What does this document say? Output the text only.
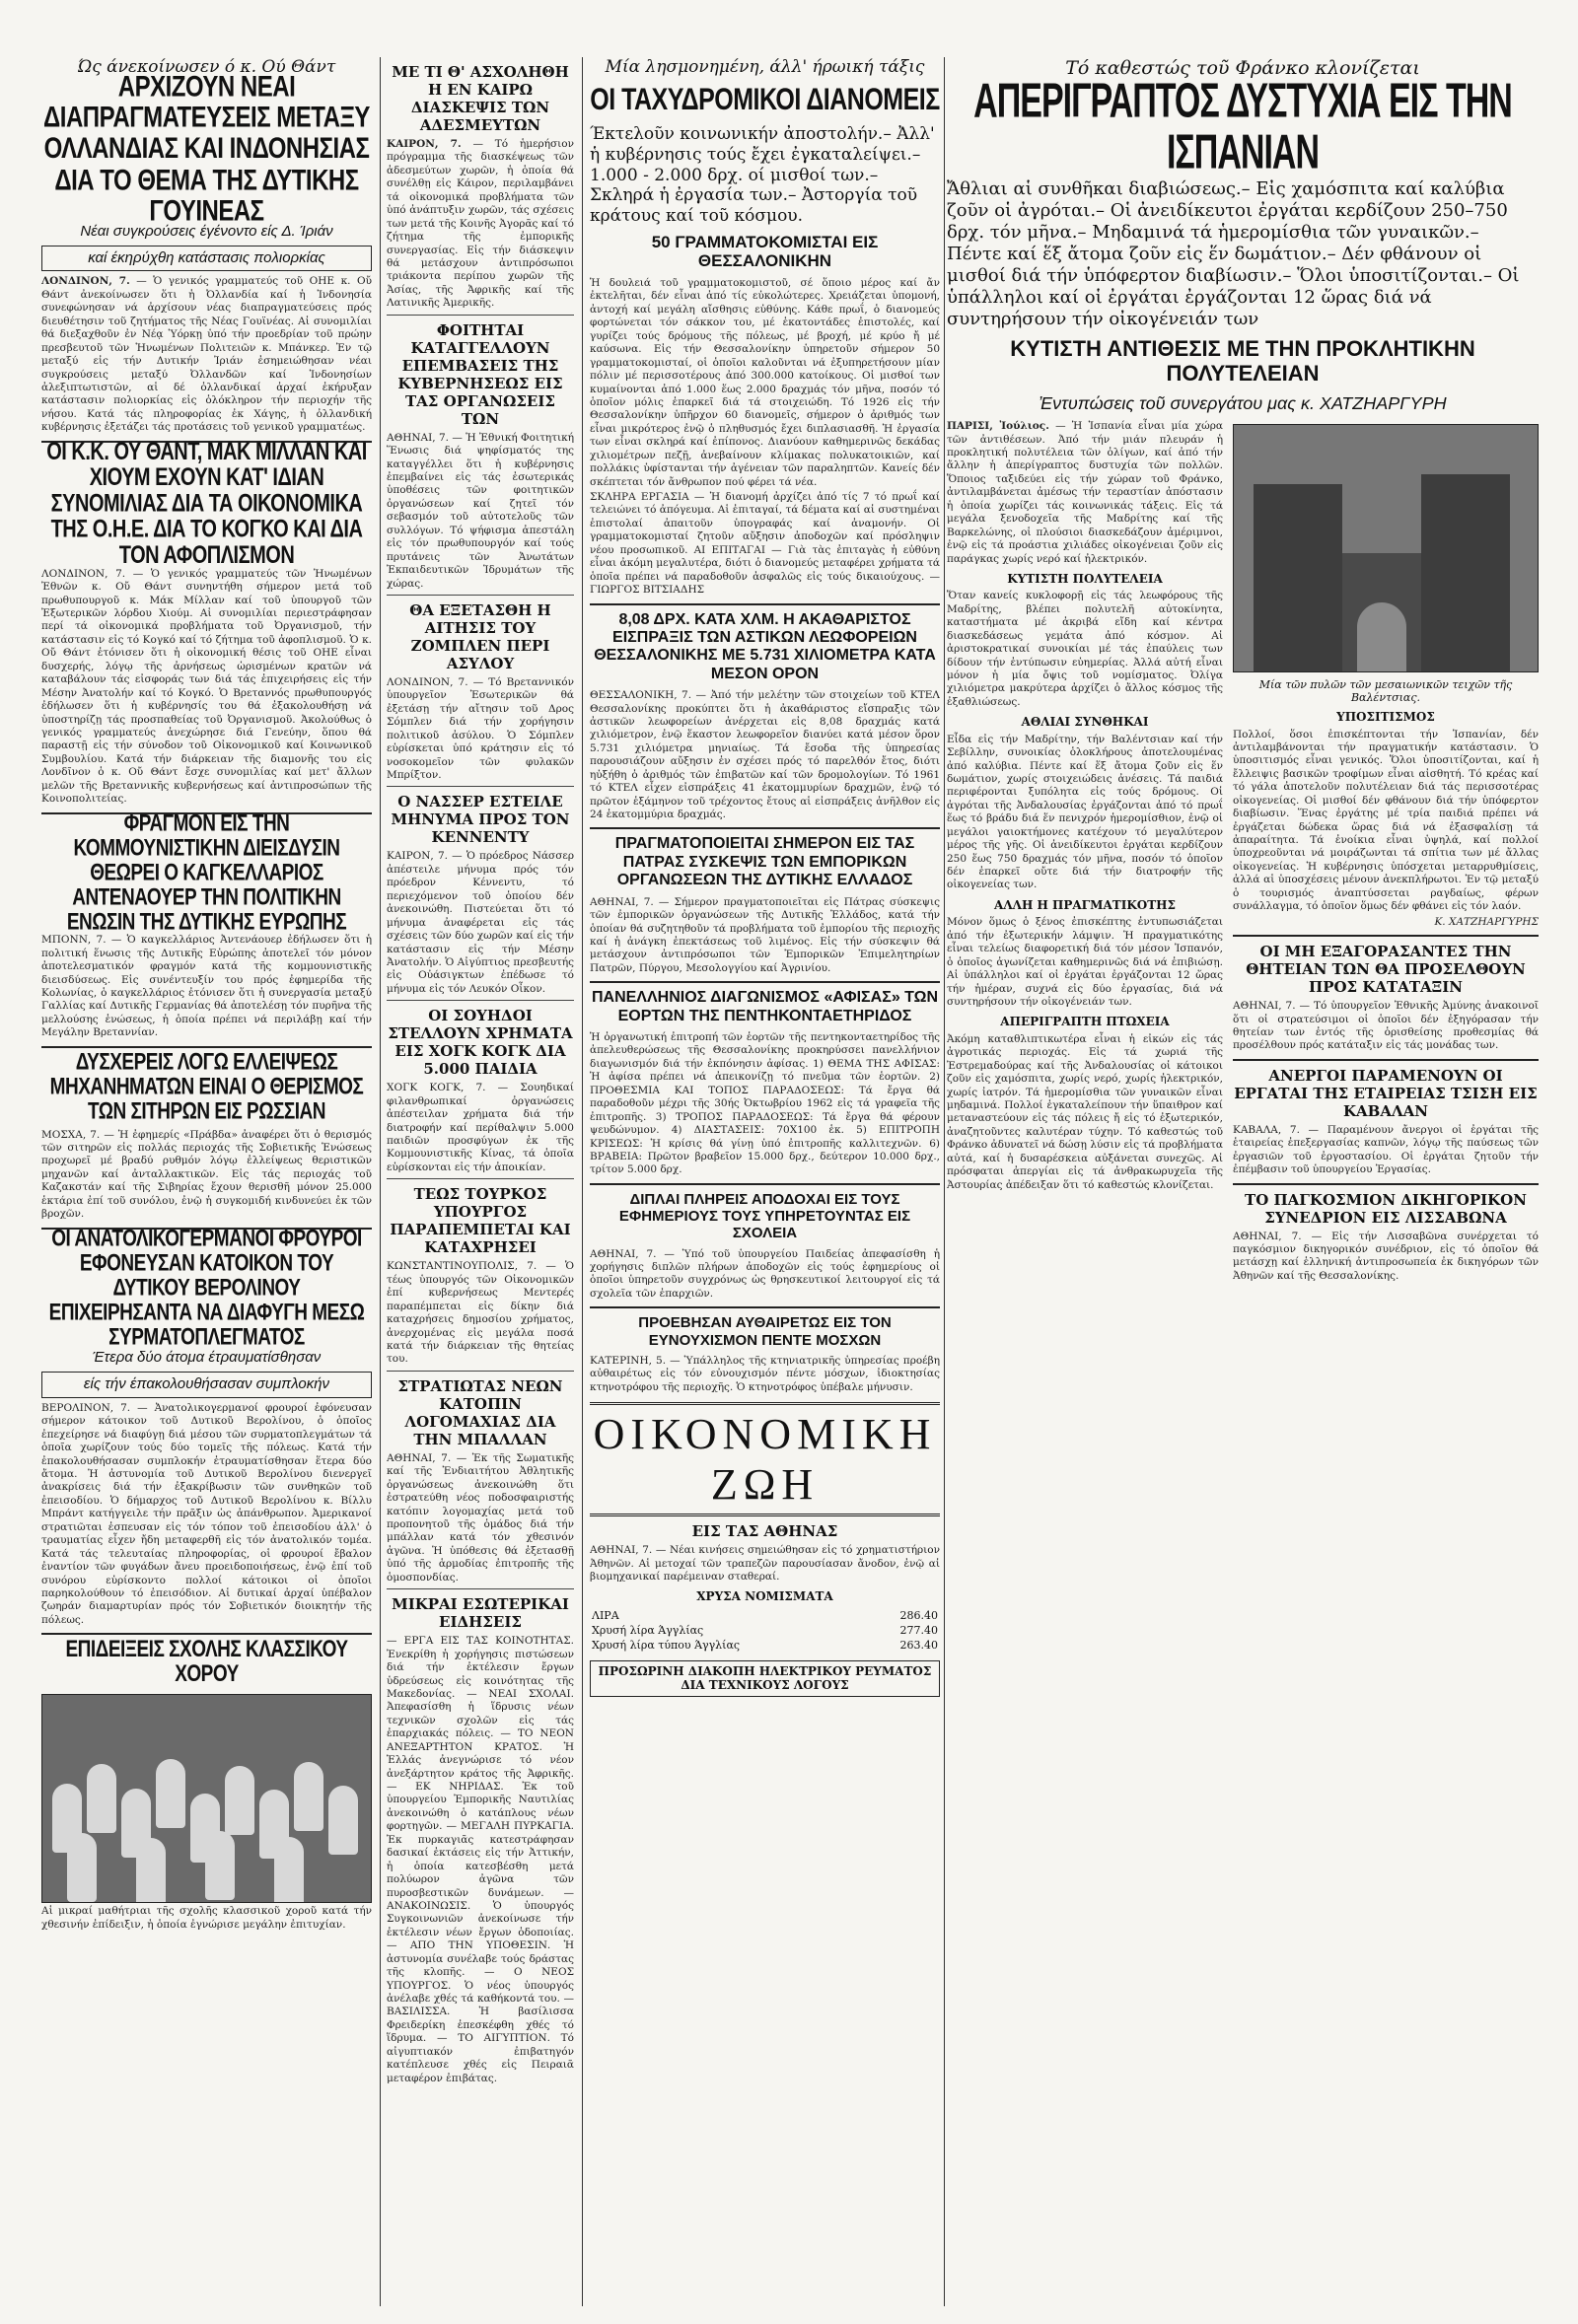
Ώς άνεκοίνωσεν ό κ. Ού Θάντ
ΑΡΧΙΖΟΥΝ ΝΕΑΙ ΔΙΑΠΡΑΓΜΑΤΕΥΣΕΙΣ ΜΕΤΑΞΥ ΟΛΛΑΝΔΙΑΣ ΚΑΙ ΙΝΔΟΝΗΣΙΑΣ ΔΙΑ ΤΟ ΘΕΜΑ ΤΗΣ ΔΥΤΙΚΗΣ ΓΟΥΙΝΕΑΣ
Νέαι συγκρούσεις έγένοντο είς Δ. Ίριάν
καί έκηρύχθη κατάστασις πολιορκίας
ΛΟΝΔΙΝΟΝ, 7. — Ὁ γενικός γραμματεύς τοῦ ΟΗΕ κ. Οὔ Θάντ ἀνεκοίνωσεν ὅτι ἡ Ὀλλανδία καί ἡ Ἰνδονησία συνεφώνησαν νά ἀρχίσουν νέας διαπραγματεύσεις πρός διευθέτησιν τοῦ ζητήματος τῆς Νέας Γουϊνέας. Αἱ συνομιλίαι θά διεξαχθοῦν ἐν Νέᾳ Ὑόρκῃ ὑπό τήν προεδρίαν τοῦ πρώην πρεσβευτοῦ τῶν Ἡνωμένων Πολιτειῶν κ. Μπάνκερ. Ἐν τῷ μεταξύ εἰς τήν Δυτικήν Ἰριάν ἐσημειώθησαν νέαι συγκρούσεις μεταξύ Ὀλλανδῶν καί Ἰνδονησίων ἀλεξιπτωτιστῶν, αἱ δέ ὀλλανδικαί ἀρχαί ἐκήρυξαν κατάστασιν πολιορκίας εἰς ὁλόκληρον τήν περιοχήν τῆς νήσου. Κατά τάς πληροφορίας ἐκ Χάγης, ἡ ὀλλανδική κυβέρνησις ἐξετάζει τάς προτάσεις τοῦ γενικοῦ γραμματέως.
ΟΙ Κ.Κ. ΟΥ ΘΑΝΤ, ΜΑΚ ΜΙΛΛΑΝ ΚΑΙ ΧΙΟΥΜ ΕΧΟΥΝ ΚΑΤ' ΙΔΙΑΝ ΣΥΝΟΜΙΛΙΑΣ ΔΙΑ ΤΑ ΟΙΚΟΝΟΜΙΚΑ ΤΗΣ Ο.Η.Ε. ΔΙΑ ΤΟ ΚΟΓΚΟ ΚΑΙ ΔΙΑ ΤΟΝ ΑΦΟΠΛΙΣΜΟΝ
ΛΟΝΔΙΝΟΝ, 7. — Ὁ γενικός γραμματεύς τῶν Ἡνωμένων Ἐθνῶν κ. Οὔ Θάντ συνηντήθη σήμερον μετά τοῦ πρωθυπουργοῦ κ. Μάκ Μίλλαν καί τοῦ ὑπουργοῦ τῶν Ἐξωτερικῶν λόρδου Χιούμ. Αἱ συνομιλίαι περιεστράφησαν περί τά οἰκονομικά προβλήματα τοῦ Ὀργανισμοῦ, τήν κατάστασιν εἰς τό Κογκό καί τό ζήτημα τοῦ ἀφοπλισμοῦ. Ὁ κ. Οὔ Θάντ ἐτόνισεν ὅτι ἡ οἰκονομική θέσις τοῦ ΟΗΕ εἶναι δυσχερής, λόγῳ τῆς ἀρνήσεως ὡρισμένων κρατῶν νά καταβάλουν τάς εἰσφοράς των διά τάς ἐπιχειρήσεις εἰς τήν Μέσην Ἀνατολήν καί τό Κογκό. Ὁ Βρεταννός πρωθυπουργός ἐδήλωσεν ὅτι ἡ κυβέρνησίς του θά ἐξακολουθήσῃ νά ὑποστηρίζῃ τάς προσπαθείας τοῦ Ὀργανισμοῦ. Ἀκολούθως ὁ γενικός γραμματεύς ἀνεχώρησε διά Γενεύην, ὅπου θά παραστῇ εἰς τήν σύνοδον τοῦ Οἰκονομικοῦ καί Κοινωνικοῦ Συμβουλίου. Κατά τήν διάρκειαν τῆς διαμονῆς του εἰς Λονδῖνον ὁ κ. Οὔ Θάντ ἔσχε συνομιλίας καί μετ' ἄλλων μελῶν τῆς Βρεταννικῆς κυβερνήσεως καί ἀντιπροσώπων τῆς Κοινοπολιτείας.
ΦΡΑΓΜΟΝ ΕΙΣ ΤΗΝ ΚΟΜΜΟΥΝΙΣΤΙΚΗΝ ΔΙΕΙΣΔΥΣΙΝ ΘΕΩΡΕΙ Ο ΚΑΓΚΕΛΛΑΡΙΟΣ ΑΝΤΕΝΑΟΥΕΡ ΤΗΝ ΠΟΛΙΤΙΚΗΝ ΕΝΩΣΙΝ ΤΗΣ ΔΥΤΙΚΗΣ ΕΥΡΩΠΗΣ
ΜΠΟΝΝ, 7. — Ὁ καγκελλάριος Ἀντενάουερ ἐδήλωσεν ὅτι ἡ πολιτική ἕνωσις τῆς Δυτικῆς Εὐρώπης ἀποτελεῖ τόν μόνον ἀποτελεσματικόν φραγμόν κατά τῆς κομμουνιστικῆς διεισδύσεως. Εἰς συνέντευξίν του πρός ἐφημερίδα τῆς Κολωνίας, ὁ καγκελλάριος ἐτόνισεν ὅτι ἡ συνεργασία μεταξύ Γαλλίας καί Δυτικῆς Γερμανίας θά ἀποτελέσῃ τόν πυρῆνα τῆς μελλούσης ἑνώσεως, ἡ ὁποία πρέπει νά περιλάβῃ καί τήν Μεγάλην Βρεταννίαν.
ΔΥΣΧΕΡΕΙΣ ΛΟΓΩ ΕΛΛΕΙΨΕΩΣ ΜΗΧΑΝΗΜΑΤΩΝ ΕΙΝΑΙ Ο ΘΕΡΙΣΜΟΣ ΤΩΝ ΣΙΤΗΡΩΝ ΕΙΣ ΡΩΣΣΙΑΝ
ΜΟΣΧΑ, 7. — Ἡ ἐφημερίς «Πράβδα» ἀναφέρει ὅτι ὁ θερισμός τῶν σιτηρῶν εἰς πολλάς περιοχάς τῆς Σοβιετικῆς Ἑνώσεως προχωρεῖ μέ βραδύ ρυθμόν λόγῳ ἐλλείψεως θεριστικῶν μηχανῶν καί ἀνταλλακτικῶν. Εἰς τάς περιοχάς τοῦ Καζακστάν καί τῆς Σιβηρίας ἔχουν θερισθῆ μόνον 25.000 ἑκτάρια ἐπί τοῦ συνόλου, ἐνῷ ἡ συγκομιδή κινδυνεύει ἐκ τῶν βροχῶν.
ΟΙ ΑΝΑΤΟΛΙΚΟΓΕΡΜΑΝΟΙ ΦΡΟΥΡΟΙ ΕΦΟΝΕΥΣΑΝ ΚΑΤΟΙΚΟΝ ΤΟΥ ΔΥΤΙΚΟΥ ΒΕΡΟΛΙΝΟΥ ΕΠΙΧΕΙΡΗΣΑΝΤΑ ΝΑ ΔΙΑΦΥΓΗ ΜΕΣΩ ΣΥΡΜΑΤΟΠΛΕΓΜΑΤΟΣ
Έτερα δύο άτομα έτραυματίσθησαν
είς τήν έπακολουθήσασαν συμπλοκήν
ΒΕΡΟΛΙΝΟΝ, 7. — Ἀνατολικογερμανοί φρουροί ἐφόνευσαν σήμερον κάτοικον τοῦ Δυτικοῦ Βερολίνου, ὁ ὁποῖος ἐπεχείρησε νά διαφύγῃ διά μέσου τῶν συρματοπλεγμάτων τά ὁποῖα χωρίζουν τούς δύο τομεῖς τῆς πόλεως. Κατά τήν ἐπακολουθήσασαν συμπλοκήν ἐτραυματίσθησαν ἕτερα δύο ἄτομα. Ἡ ἀστυνομία τοῦ Δυτικοῦ Βερολίνου διενεργεῖ ἀνακρίσεις διά τήν ἐξακρίβωσιν τῶν συνθηκῶν τοῦ ἐπεισοδίου. Ὁ δήμαρχος τοῦ Δυτικοῦ Βερολίνου κ. Βίλλυ Μπράντ κατήγγειλε τήν πρᾶξιν ὡς ἀπάνθρωπον. Ἀμερικανοί στρατιῶται ἐσπευσαν εἰς τόν τόπον τοῦ ἐπεισοδίου ἀλλ' ὁ τραυματίας εἶχεν ἤδη μεταφερθῆ εἰς τόν ἀνατολικόν τομέα. Κατά τάς τελευταίας πληροφορίας, οἱ φρουροί ἔβαλον ἐναντίον τῶν φυγάδων ἄνευ προειδοποιήσεως, ἐνῷ ἐπί τοῦ συνόρου εὑρίσκοντο πολλοί κάτοικοι οἱ ὁποῖοι παρηκολούθουν τό ἐπεισόδιον. Αἱ δυτικαί ἀρχαί ὑπέβαλον ζωηράν διαμαρτυρίαν πρός τόν Σοβιετικόν διοικητήν τῆς πόλεως.
ΕΠΙΔΕΙΞΕΙΣ ΣΧΟΛΗΣ ΚΛΑΣΣΙΚΟΥ ΧΟΡΟΥ
Αἱ μικραί μαθήτριαι τῆς σχολῆς κλασσικοῦ χοροῦ κατά τήν χθεσινήν ἐπίδειξιν, ἡ ὁποία ἐγνώρισε μεγάλην ἐπιτυχίαν.
ΜΕ ΤΙ Θ' ΑΣΧΟΛΗΘΗ Η ΕΝ ΚΑΙΡΩ ΔΙΑΣΚΕΨΙΣ ΤΩΝ ΑΔΕΣΜΕΥΤΩΝ
ΚΑΙΡΟΝ, 7. — Τό ἡμερήσιον πρόγραμμα τῆς διασκέψεως τῶν ἀδεσμεύτων χωρῶν, ἡ ὁποία θά συνέλθῃ εἰς Κάιρον, περιλαμβάνει τά οἰκονομικά προβλήματα τῶν ὑπό ἀνάπτυξιν χωρῶν, τάς σχέσεις των μετά τῆς Κοινῆς Ἀγορᾶς καί τό ζήτημα τῆς ἐμπορικῆς συνεργασίας. Εἰς τήν διάσκεψιν θά μετάσχουν ἀντιπρόσωποι τριάκοντα περίπου χωρῶν τῆς Ἀσίας, τῆς Ἀφρικῆς καί τῆς Λατινικῆς Ἀμερικῆς.
ΦΟΙΤΗΤΑΙ ΚΑΤΑΓΓΕΛΛΟΥΝ ΕΠΕΜΒΑΣΕΙΣ ΤΗΣ ΚΥΒΕΡΝΗΣΕΩΣ ΕΙΣ ΤΑΣ ΟΡΓΑΝΩΣΕΙΣ ΤΩΝ
ΑΘΗΝΑΙ, 7. — Ἡ Ἐθνική Φοιτητική Ἕνωσις διά ψηφίσματός της καταγγέλλει ὅτι ἡ κυβέρνησις ἐπεμβαίνει εἰς τάς ἐσωτερικάς ὑποθέσεις τῶν φοιτητικῶν ὀργανώσεων καί ζητεῖ τόν σεβασμόν τοῦ αὐτοτελοῦς τῶν συλλόγων. Τό ψήφισμα ἀπεστάλη εἰς τόν πρωθυπουργόν καί τούς πρυτάνεις τῶν Ἀνωτάτων Ἐκπαιδευτικῶν Ἱδρυμάτων τῆς χώρας.
ΘΑ ΕΞΕΤΑΣΘΗ Η ΑΙΤΗΣΙΣ ΤΟΥ ΖΟΜΠΛΕΝ ΠΕΡΙ ΑΣΥΛΟΥ
ΛΟΝΔΙΝΟΝ, 7. — Τό Βρεταννικόν ὑπουργεῖον Ἐσωτερικῶν θά ἐξετάσῃ τήν αἴτησιν τοῦ Δρος Σόμπλεν διά τήν χορήγησιν πολιτικοῦ ἀσύλου. Ὁ Σόμπλεν εὑρίσκεται ὑπό κράτησιν εἰς τό νοσοκομεῖον τῶν φυλακῶν Μπρίξτον.
Ο ΝΑΣΣΕΡ ΕΣΤΕΙΛΕ ΜΗΝΥΜΑ ΠΡΟΣ ΤΟΝ ΚΕΝΝΕΝΤΥ
ΚΑΙΡΟΝ, 7. — Ὁ πρόεδρος Νάσσερ ἀπέστειλε μήνυμα πρός τόν πρόεδρον Κέννεντυ, τό περιεχόμενον τοῦ ὁποίου δέν ἀνεκοινώθη. Πιστεύεται ὅτι τό μήνυμα ἀναφέρεται εἰς τάς σχέσεις τῶν δύο χωρῶν καί εἰς τήν κατάστασιν εἰς τήν Μέσην Ἀνατολήν. Ὁ Αἰγύπτιος πρεσβευτής εἰς Οὐάσιγκτων ἐπέδωσε τό μήνυμα εἰς τόν Λευκόν Οἶκον.
ΟΙ ΣΟΥΗΔΟΙ ΣΤΕΛΛΟΥΝ ΧΡΗΜΑΤΑ ΕΙΣ ΧΟΓΚ ΚΟΓΚ ΔΙΑ 5.000 ΠΑΙΔΙΑ
ΧΟΓΚ ΚΟΓΚ, 7. — Σουηδικαί φιλανθρωπικαί ὀργανώσεις ἀπέστειλαν χρήματα διά τήν διατροφήν καί περίθαλψιν 5.000 παιδιῶν προσφύγων ἐκ τῆς Κομμουνιστικῆς Κίνας, τά ὁποῖα εὑρίσκονται εἰς τήν ἀποικίαν.
ΤΕΩΣ ΤΟΥΡΚΟΣ ΥΠΟΥΡΓΟΣ ΠΑΡΑΠΕΜΠΕΤΑΙ ΚΑΙ ΚΑΤΑΧΡΗΣΕΙ
ΚΩΝΣΤΑΝΤΙΝΟΥΠΟΛΙΣ, 7. — Ὁ τέως ὑπουργός τῶν Οἰκονομικῶν ἐπί κυβερνήσεως Μεντερές παραπέμπεται εἰς δίκην διά καταχρήσεις δημοσίου χρήματος, ἀνερχομένας εἰς μεγάλα ποσά κατά τήν διάρκειαν τῆς θητείας του.
ΣΤΡΑΤΙΩΤΑΣ ΝΕΩΝ ΚΑΤΟΠΙΝ ΛΟΓΟΜΑΧΙΑΣ ΔΙΑ ΤΗΝ ΜΠΑΛΛΑΝ
ΑΘΗΝΑΙ, 7. — Ἐκ τῆς Σωματικῆς καί τῆς Ἐνδιαιτήτου Ἀθλητικῆς ὀργανώσεως ἀνεκοινώθη ὅτι ἐστρατεύθη νέος ποδοσφαιριστής κατόπιν λογομαχίας μετά τοῦ προπονητοῦ τῆς ὁμάδος διά τήν μπάλλαν κατά τόν χθεσινόν ἀγῶνα. Ἡ ὑπόθεσις θά ἐξετασθῇ ὑπό τῆς ἁρμοδίας ἐπιτροπῆς τῆς ὁμοσπονδίας.
ΜΙΚΡΑΙ ΕΣΩΤΕΡΙΚΑΙ ΕΙΔΗΣΕΙΣ
— ΕΡΓΑ ΕΙΣ ΤΑΣ ΚΟΙΝΟΤΗΤΑΣ. Ἐνεκρίθη ἡ χορήγησις πιστώσεων διά τήν ἐκτέλεσιν ἔργων ὑδρεύσεως εἰς κοινότητας τῆς Μακεδονίας. — ΝΕΑΙ ΣΧΟΛΑΙ. Ἀπεφασίσθη ἡ ἵδρυσις νέων τεχνικῶν σχολῶν εἰς τάς ἐπαρχιακάς πόλεις. — ΤΟ ΝΕΟΝ ΑΝΕΞΑΡΤΗΤΟΝ ΚΡΑΤΟΣ. Ἡ Ἑλλάς ἀνεγνώρισε τό νέον ἀνεξάρτητον κράτος τῆς Ἀφρικῆς. — ΕΚ ΝΗΡΙΔΑΣ. Ἐκ τοῦ ὑπουργείου Ἐμπορικῆς Ναυτιλίας ἀνεκοινώθη ὁ κατάπλους νέων φορτηγῶν. — ΜΕΓΑΛΗ ΠΥΡΚΑΓΙΑ. Ἐκ πυρκαγιᾶς κατεστράφησαν δασικαί ἐκτάσεις εἰς τήν Ἀττικήν, ἡ ὁποία κατεσβέσθη μετά πολύωρον ἀγῶνα τῶν πυροσβεστικῶν δυνάμεων. — ΑΝΑΚΟΙΝΩΣΙΣ. Ὁ ὑπουργός Συγκοινωνιῶν ἀνεκοίνωσε τήν ἐκτέλεσιν νέων ἔργων ὁδοποιίας. — ΑΠΟ ΤΗΝ ΥΠΟΘΕΣΙΝ. Ἡ ἀστυνομία συνέλαβε τούς δράστας τῆς κλοπῆς. — Ο ΝΕΟΣ ΥΠΟΥΡΓΟΣ. Ὁ νέος ὑπουργός ἀνέλαβε χθές τά καθήκοντά του. — ΒΑΣΙΛΙΣΣΑ. Ἡ βασίλισσα Φρειδερίκη ἐπεσκέφθη χθές τό ἵδρυμα. — ΤΟ ΑΙΓΥΠΤΙΟΝ. Τό αἰγυπτιακόν ἐπιβατηγόν κατέπλευσε χθές εἰς Πειραιᾶ μεταφέρον ἐπιβάτας.
Μία λησμονημένη, άλλ' ήρωική τάξις
ΟΙ ΤΑΧΥΔΡΟΜΙΚΟΙ ΔΙΑΝΟΜΕΙΣ
Έκτελοῦν κοινωνικήν ἀποστολήν.– Ἀλλ' ἡ κυβέρνησις τούς ἔχει ἐγκαταλείψει.–1.000 - 2.000 δρχ. οί μισθοί των.– Σκληρά ἡ ἐργασία των.– Ἀστοργία τοῦ κράτους καί τοῦ κόσμου.
50 ΓΡΑΜΜΑΤΟΚΟΜΙΣΤΑΙ ΕΙΣ ΘΕΣΣΑΛΟΝΙΚΗΝ
Ἡ δουλειά τοῦ γραμματοκομιστοῦ, σέ ὅποιο μέρος καί ἄν ἐκτελῆται, δέν εἶναι ἀπό τίς εὐκολώτερες. Χρειάζεται ὑπομονή, ἀντοχή καί μεγάλη αἴσθησις εὐθύνης. Κάθε πρωΐ, ὁ διανομεύς φορτώνεται τόν σάκκον του, μέ ἑκατοντάδες ἐπιστολές, καί γυρίζει τούς δρόμους τῆς πόλεως, μέ βροχή, μέ κρύο ἤ μέ καύσωνα. Εἰς τήν Θεσσαλονίκην ὑπηρετοῦν σήμερον 50 γραμματοκομισταί, οἱ ὁποῖοι καλοῦνται νά ἐξυπηρετήσουν μίαν πόλιν μέ περισσοτέρους ἀπό 300.000 κατοίκους. Οἱ μισθοί των κυμαίνονται ἀπό 1.000 ἕως 2.000 δραχμάς τόν μῆνα, ποσόν τό ὁποῖον μόλις ἐπαρκεῖ διά τά στοιχειώδη. Τό 1926 εἰς τήν Θεσσαλονίκην ὑπῆρχον 60 διανομεῖς, σήμερον ὁ ἀριθμός των εἶναι μικρότερος ἐνῷ ὁ πληθυσμός ἔχει διπλασιασθῆ. Ἡ ἐργασία των εἶναι σκληρά καί ἐπίπονος. Διανύουν καθημερινῶς δεκάδας χιλιομέτρων πεζῇ, ἀνεβαίνουν κλίμακας πολυκατοικιῶν, καί πολλάκις ὑφίστανται τήν ἀγένειαν τῶν παραληπτῶν. Κανείς δέν σκέπτεται τόν ἄνθρωπον πού φέρει τά νέα.
ΣΚΛΗΡΑ ΕΡΓΑΣΙΑ — Ἡ διανομή ἀρχίζει ἀπό τίς 7 τό πρωΐ καί τελειώνει τό ἀπόγευμα. Αἱ ἐπιταγαί, τά δέματα καί αἱ συστημέναι ἐπιστολαί ἀπαιτοῦν ὑπογραφάς καί ἀναμονήν. Οἱ γραμματοκομισταί ζητοῦν αὔξησιν ἀποδοχῶν καί πρόσληψιν νέου προσωπικοῦ. ΑΙ ΕΠΙΤΑΓΑΙ — Γιὰ τὰς ἐπιταγὰς ἡ εὐθύνη εἶναι ἀκόμη μεγαλυτέρα, διότι ὁ διανομεύς μεταφέρει χρήματα τά ὁποῖα πρέπει νά παραδοθοῦν ἀσφαλῶς εἰς τούς δικαιούχους. — ΓΙΩΡΓΟΣ ΒΙΤΣΙΑΔΗΣ
8,08 ΔΡΧ. ΚΑΤΑ ΧΛΜ. Η ΑΚΑΘΑΡΙΣΤΟΣ ΕΙΣΠΡΑΞΙΣ ΤΩΝ ΑΣΤΙΚΩΝ ΛΕΩΦΟΡΕΙΩΝ ΘΕΣΣΑΛΟΝΙΚΗΣ ΜΕ 5.731 ΧΙΛΙΟΜΕΤΡΑ ΚΑΤΑ ΜΕΣΟΝ ΟΡΟΝ
ΘΕΣΣΑΛΟΝΙΚΗ, 7. — Ἀπό τήν μελέτην τῶν στοιχείων τοῦ ΚΤΕΛ Θεσσαλονίκης προκύπτει ὅτι ἡ ἀκαθάριστος εἴσπραξις τῶν ἀστικῶν λεωφορείων ἀνέρχεται εἰς 8,08 δραχμάς κατά χιλιόμετρον, ἐνῷ ἕκαστον λεωφορεῖον διανύει κατά μέσον ὅρον 5.731 χιλιόμετρα μηνιαίως. Τά ἔσοδα τῆς ὑπηρεσίας παρουσιάζουν αὔξησιν ἐν σχέσει πρός τό παρελθόν ἔτος, διότι ηὐξήθη ὁ ἀριθμός τῶν ἐπιβατῶν καί τῶν δρομολογίων. Τό 1961 τό ΚΤΕΛ εἶχεν εἰσπράξεις 41 ἑκατομμυρίων δραχμῶν, ἐνῷ τό πρῶτον ἑξάμηνον τοῦ τρέχοντος ἔτους αἱ εἰσπράξεις ἀνῆλθον εἰς 24 ἑκατομμύρια δραχμάς.
ΠΡΑΓΜΑΤΟΠΟΙΕΙΤΑΙ ΣΗΜΕΡΟΝ ΕΙΣ ΤΑΣ ΠΑΤΡΑΣ ΣΥΣΚΕΨΙΣ ΤΩΝ ΕΜΠΟΡΙΚΩΝ ΟΡΓΑΝΩΣΕΩΝ ΤΗΣ ΔΥΤΙΚΗΣ ΕΛΛΑΔΟΣ
ΑΘΗΝΑΙ, 7. — Σήμερον πραγματοποιεῖται εἰς Πάτρας σύσκεψις τῶν ἐμπορικῶν ὀργανώσεων τῆς Δυτικῆς Ἑλλάδος, κατά τήν ὁποίαν θά συζητηθοῦν τά προβλήματα τοῦ ἐμπορίου τῆς περιοχῆς καί ἡ ἀνάγκη ἐπεκτάσεως τοῦ λιμένος. Εἰς τήν σύσκεψιν θά μετάσχουν ἀντιπρόσωποι τῶν Ἐμπορικῶν Ἐπιμελητηρίων Πατρῶν, Πύργου, Μεσολογγίου καί Ἀγρινίου.
ΠΑΝΕΛΛΗΝΙΟΣ ΔΙΑΓΩΝΙΣΜΟΣ «ΑΦΙΣΑΣ» ΤΩΝ ΕΟΡΤΩΝ ΤΗΣ ΠΕΝΤΗΚΟΝΤΑΕΤΗΡΙΔΟΣ
Ἡ ὀργανωτική ἐπιτροπή τῶν ἑορτῶν τῆς πεντηκονταετηρίδος τῆς ἀπελευθερώσεως τῆς Θεσσαλονίκης προκηρύσσει πανελλήνιον διαγωνισμόν διά τήν ἐκπόνησιν ἀφίσας. 1) ΘΕΜΑ ΤΗΣ ΑΦΙΣΑΣ: Ἡ ἀφίσα πρέπει νά ἀπεικονίζῃ τό πνεῦμα τῶν ἑορτῶν. 2) ΠΡΟΘΕΣΜΙΑ ΚΑΙ ΤΟΠΟΣ ΠΑΡΑΔΟΣΕΩΣ: Τά ἔργα θά παραδοθοῦν μέχρι τῆς 30ής Ὀκτωβρίου 1962 εἰς τά γραφεῖα τῆς ἐπιτροπῆς. 3) ΤΡΟΠΟΣ ΠΑΡΑΔΟΣΕΩΣ: Τά ἔργα θά φέρουν ψευδώνυμον. 4) ΔΙΑΣΤΑΣΕΙΣ: 70Χ100 ἑκ. 5) ΕΠΙΤΡΟΠΗ ΚΡΙΣΕΩΣ: Ἡ κρίσις θά γίνῃ ὑπό ἐπιτροπῆς καλλιτεχνῶν. 6) ΒΡΑΒΕΙΑ: Πρῶτον βραβεῖον 15.000 δρχ., δεύτερον 10.000 δρχ., τρίτον 5.000 δρχ.
ΔΙΠΛΑΙ ΠΛΗΡΕΙΣ ΑΠΟΔΟΧΑΙ ΕΙΣ ΤΟΥΣ ΕΦΗΜΕΡΙΟΥΣ ΤΟΥΣ ΥΠΗΡΕΤΟΥΝΤΑΣ ΕΙΣ ΣΧΟΛΕΙΑ
ΑΘΗΝΑΙ, 7. — Ὑπό τοῦ ὑπουργείου Παιδείας ἀπεφασίσθη ἡ χορήγησις διπλῶν πλήρων ἀποδοχῶν εἰς τούς ἐφημερίους οἱ ὁποῖοι ὑπηρετοῦν συγχρόνως ὡς θρησκευτικοί λειτουργοί εἰς τά σχολεῖα τῶν ἐπαρχιῶν.
ΠΡΟΕΒΗΣΑΝ ΑΥΘΑΙΡΕΤΩΣ ΕΙΣ ΤΟΝ ΕΥΝΟΥΧΙΣΜΟΝ ΠΕΝΤΕ ΜΟΣΧΩΝ
ΚΑΤΕΡΙΝΗ, 5. — Ὑπάλληλος τῆς κτηνιατρικῆς ὑπηρεσίας προέβη αὐθαιρέτως εἰς τόν εὐνουχισμόν πέντε μόσχων, ἰδιοκτησίας κτηνοτρόφου τῆς περιοχῆς. Ὁ κτηνοτρόφος ὑπέβαλε μήνυσιν.
ΟΙΚΟΝΟΜΙΚΗ ΖΩΗ
ΕΙΣ ΤΑΣ ΑΘΗΝΑΣ
ΑΘΗΝΑΙ, 7. — Νέαι κινήσεις σημειώθησαν εἰς τό χρηματιστήριον Ἀθηνῶν. Αἱ μετοχαί τῶν τραπεζῶν παρουσίασαν ἄνοδον, ἐνῷ αἱ βιομηχανικαί παρέμειναν σταθεραί.
ΧΡΥΣΑ ΝΟΜΙΣΜΑΤΑ
ΛΙΡΑ	286.40
Χρυσή λίρα Άγγλίας	277.40
Χρυσή λίρα τύπου Άγγλίας	263.40
ΠΡΟΣΩΡΙΝΗ ΔΙΑΚΟΠΗ ΗΛΕΚΤΡΙΚΟΥ ΡΕΥΜΑΤΟΣ ΔΙΑ ΤΕΧΝΙΚΟΥΣ ΛΟΓΟΥΣ
Τό καθεστώς τοῦ Φράνκο κλονίζεται
ΑΠΕΡΙΓΡΑΠΤΟΣ ΔΥΣΤΥΧΙΑ ΕΙΣ ΤΗΝ ΙΣΠΑΝΙΑΝ
Ἄθλιαι αἱ συνθῆκαι διαβιώσεως.– Εἰς χαμόσπιτα καί καλύβια ζοῦν οἱ ἀγρόται.– Οἱ ἀνειδίκευτοι ἐργάται κερδίζουν 250–750 δρχ. τόν μῆνα.– Μηδαμινά τά ἡμερομίσθια τῶν γυναικῶν.– Πέντε καί ἕξ ἄτομα ζοῦν εἰς ἕν δωμάτιον.– Δέν φθάνουν οἱ μισθοί διά τήν ὑπόφερτον διαβίωσιν.– Ὅλοι ὑποσιτίζονται.– Οἱ ὑπάλληλοι καί οἱ ἐργάται ἐργάζονται 12 ὥρας διά νά συντηρήσουν τήν οἰκογένειάν των
ΚΥΤΙΣΤΗ ΑΝΤΙΘΕΣΙΣ ΜΕ ΤΗΝ ΠΡΟΚΛΗΤΙΚΗΝ ΠΟΛΥΤΕΛΕΙΑΝ
Ἐντυπώσεις τοῦ συνεργάτου μας κ. ΧΑΤΖΗΑΡΓΥΡΗ
ΠΑΡΙΣΙ, Ἰούλιος. — Ἡ Ἱσπανία εἶναι μία χώρα τῶν ἀντιθέσεων. Ἀπό τήν μιάν πλευράν ἡ προκλητική πολυτέλεια τῶν ὀλίγων, καί ἀπό τήν ἄλλην ἡ ἀπερίγραπτος δυστυχία τῶν πολλῶν. Ὅποιος ταξιδεύει εἰς τήν χώραν τοῦ Φράνκο, ἀντιλαμβάνεται ἀμέσως τήν τεραστίαν ἀπόστασιν ἡ ὁποία χωρίζει τάς κοινωνικάς τάξεις. Εἰς τά μεγάλα ξενοδοχεῖα τῆς Μαδρίτης καί τῆς Βαρκελώνης, οἱ πλούσιοι διασκεδάζουν ἀμέριμνοι, ἐνῷ εἰς τά προάστια χιλιάδες οἰκογένειαι ζοῦν εἰς παράγκας χωρίς νερό καί ἠλεκτρικόν.
ΚΥΤΙΣΤΗ ΠΟΛΥΤΕΛΕΙΑ
Ὅταν κανείς κυκλοφορῇ εἰς τάς λεωφόρους τῆς Μαδρίτης, βλέπει πολυτελῆ αὐτοκίνητα, καταστήματα μέ ἀκριβά εἴδη καί κέντρα διασκεδάσεως γεμάτα ἀπό κόσμον. Αἱ ἀριστοκρατικαί συνοικίαι μέ τάς ἐπαύλεις των δίδουν τήν ἐντύπωσιν εὐημερίας. Ἀλλά αὐτή εἶναι μόνον ἡ μία ὄψις τοῦ νομίσματος. Ὀλίγα χιλιόμετρα μακρύτερα ἀρχίζει ὁ ἄλλος κόσμος τῆς ἐξαθλιώσεως.
ΑΘΛΙΑΙ ΣΥΝΘΗΚΑΙ
Εἶδα εἰς τήν Μαδρίτην, τήν Βαλέντσιαν καί τήν Σεβίλλην, συνοικίας ὁλοκλήρους ἀποτελουμένας ἀπό καλύβια. Πέντε καί ἕξ ἄτομα ζοῦν εἰς ἕν δωμάτιον, χωρίς στοιχειώδεις ἀνέσεις. Τά παιδιά περιφέρονται ξυπόλητα εἰς τούς δρόμους. Οἱ ἀγρόται τῆς Ἀνδαλουσίας ἐργάζονται ἀπό τό πρωΐ ἕως τό βράδυ διά ἕν πενιχρόν ἡμερομίσθιον, ἐνῷ οἱ μεγάλοι γαιοκτήμονες κατέχουν τό μεγαλύτερον μέρος τῆς γῆς. Οἱ ἀνειδίκευτοι ἐργάται κερδίζουν 250 ἕως 750 δραχμάς τόν μῆνα, ποσόν τό ὁποῖον δέν ἐπαρκεῖ οὔτε διά τήν διατροφήν τῆς οἰκογενείας των.
ΑΛΛΗ Η ΠΡΑΓΜΑΤΙΚΟΤΗΣ
Μόνον ὅμως ὁ ξένος ἐπισκέπτης ἐντυπωσιάζεται ἀπό τήν ἐξωτερικήν λάμψιν. Ἡ πραγματικότης εἶναι τελείως διαφορετική διά τόν μέσον Ἱσπανόν, ὁ ὁποῖος ἀγωνίζεται καθημερινῶς διά νά ἐπιβιώσῃ. Αἱ ὑπάλληλοι καί οἱ ἐργάται ἐργάζονται 12 ὥρας τήν ἡμέραν, συχνά εἰς δύο ἐργασίας, διά νά συντηρήσουν τήν οἰκογένειάν των.
ΑΠΕΡΙΓΡΑΠΤΗ ΠΤΩΧΕΙΑ
Ἀκόμη καταθλιπτικωτέρα εἶναι ἡ εἰκών εἰς τάς ἀγροτικάς περιοχάς. Εἰς τά χωριά τῆς Ἐστρεμαδούρας καί τῆς Ἀνδαλουσίας οἱ κάτοικοι ζοῦν εἰς χαμόσπιτα, χωρίς νερό, χωρίς ἠλεκτρικόν, χωρίς ἰατρόν. Τά ἡμερομίσθια τῶν γυναικῶν εἶναι μηδαμινά. Πολλοί ἐγκαταλείπουν τήν ὕπαιθρον καί μεταναστεύουν εἰς τάς πόλεις ἤ εἰς τό ἐξωτερικόν, ἀναζητοῦντες καλυτέραν τύχην. Τό καθεστώς τοῦ Φράνκο ἀδυνατεῖ νά δώσῃ λύσιν εἰς τά προβλήματα αὐτά, καί ἡ δυσαρέσκεια αὐξάνεται συνεχῶς. Αἱ πρόσφαται ἀπεργίαι εἰς τά ἀνθρακωρυχεῖα τῆς Ἀστουρίας ἀπέδειξαν ὅτι τό καθεστώς κλονίζεται.
Μία τῶν πυλῶν τῶν μεσαιωνικῶν τειχῶν τῆς Βαλέντσιας.
ΥΠΟΣΙΤΙΣΜΟΣ
Πολλοί, ὅσοι ἐπισκέπτονται τήν Ἱσπανίαν, δέν ἀντιλαμβάνονται τήν πραγματικήν κατάστασιν. Ὁ ὑποσιτισμός εἶναι γενικός. Ὅλοι ὑποσιτίζονται, καί ἡ ἔλλειψις βασικῶν τροφίμων εἶναι αἰσθητή. Τό κρέας καί τό γάλα ἀποτελοῦν πολυτέλειαν διά τάς περισσοτέρας οἰκογενείας. Οἱ μισθοί δέν φθάνουν διά τήν ὑπόφερτον διαβίωσιν. Ἕνας ἐργάτης μέ τρία παιδιά πρέπει νά ἐργάζεται δώδεκα ὥρας διά νά ἐξασφαλίσῃ τά ἀπαραίτητα. Τά ἐνοίκια εἶναι ὑψηλά, καί πολλοί ὑποχρεοῦνται νά μοιράζωνται τά σπίτια των μέ ἄλλας οἰκογενείας. Ἡ κυβέρνησις ὑπόσχεται μεταρρυθμίσεις, ἀλλά αἱ ὑποσχέσεις μένουν ἀνεκπλήρωτοι. Ἐν τῷ μεταξύ ὁ τουρισμός ἀναπτύσσεται ραγδαίως, φέρων συνάλλαγμα, τό ὁποῖον ὅμως δέν φθάνει εἰς τόν λαόν.
Κ. ΧΑΤΖΗΑΡΓΥΡΗΣ
ΟΙ ΜΗ ΕΞΑΓΟΡΑΣΑΝΤΕΣ ΤΗΝ ΘΗΤΕΙΑΝ ΤΩΝ ΘΑ ΠΡΟΣΕΛΘΟΥΝ ΠΡΟΣ ΚΑΤΑΤΑΞΙΝ
ΑΘΗΝΑΙ, 7. — Τό ὑπουργεῖον Ἐθνικῆς Ἀμύνης ἀνακοινοῖ ὅτι οἱ στρατεύσιμοι οἱ ὁποῖοι δέν ἐξηγόρασαν τήν θητείαν των ἐντός τῆς ὁρισθείσης προθεσμίας θά προσέλθουν πρός κατάταξιν εἰς τάς μονάδας των.
ΑΝΕΡΓΟΙ ΠΑΡΑΜΕΝΟΥΝ ΟΙ ΕΡΓΑΤΑΙ ΤΗΣ ΕΤΑΙΡΕΙΑΣ ΤΣΙΣΗ ΕΙΣ ΚΑΒΑΛΑΝ
ΚΑΒΑΛΑ, 7. — Παραμένουν ἄνεργοι οἱ ἐργάται τῆς ἑταιρείας ἐπεξεργασίας καπνῶν, λόγῳ τῆς παύσεως τῶν ἐργασιῶν τοῦ ἐργοστασίου. Οἱ ἐργάται ζητοῦν τήν ἐπέμβασιν τοῦ ὑπουργείου Ἐργασίας.
ΤΟ ΠΑΓΚΟΣΜΙΟΝ ΔΙΚΗΓΟΡΙΚΟΝ ΣΥΝΕΔΡΙΟΝ ΕΙΣ ΛΙΣΣΑΒΩΝΑ
ΑΘΗΝΑΙ, 7. — Εἰς τήν Λισσαβῶνα συνέρχεται τό παγκόσμιον δικηγορικόν συνέδριον, εἰς τό ὁποῖον θά μετάσχῃ καί ἑλληνική ἀντιπροσωπεία ἐκ δικηγόρων τῶν Ἀθηνῶν καί τῆς Θεσσαλονίκης.
